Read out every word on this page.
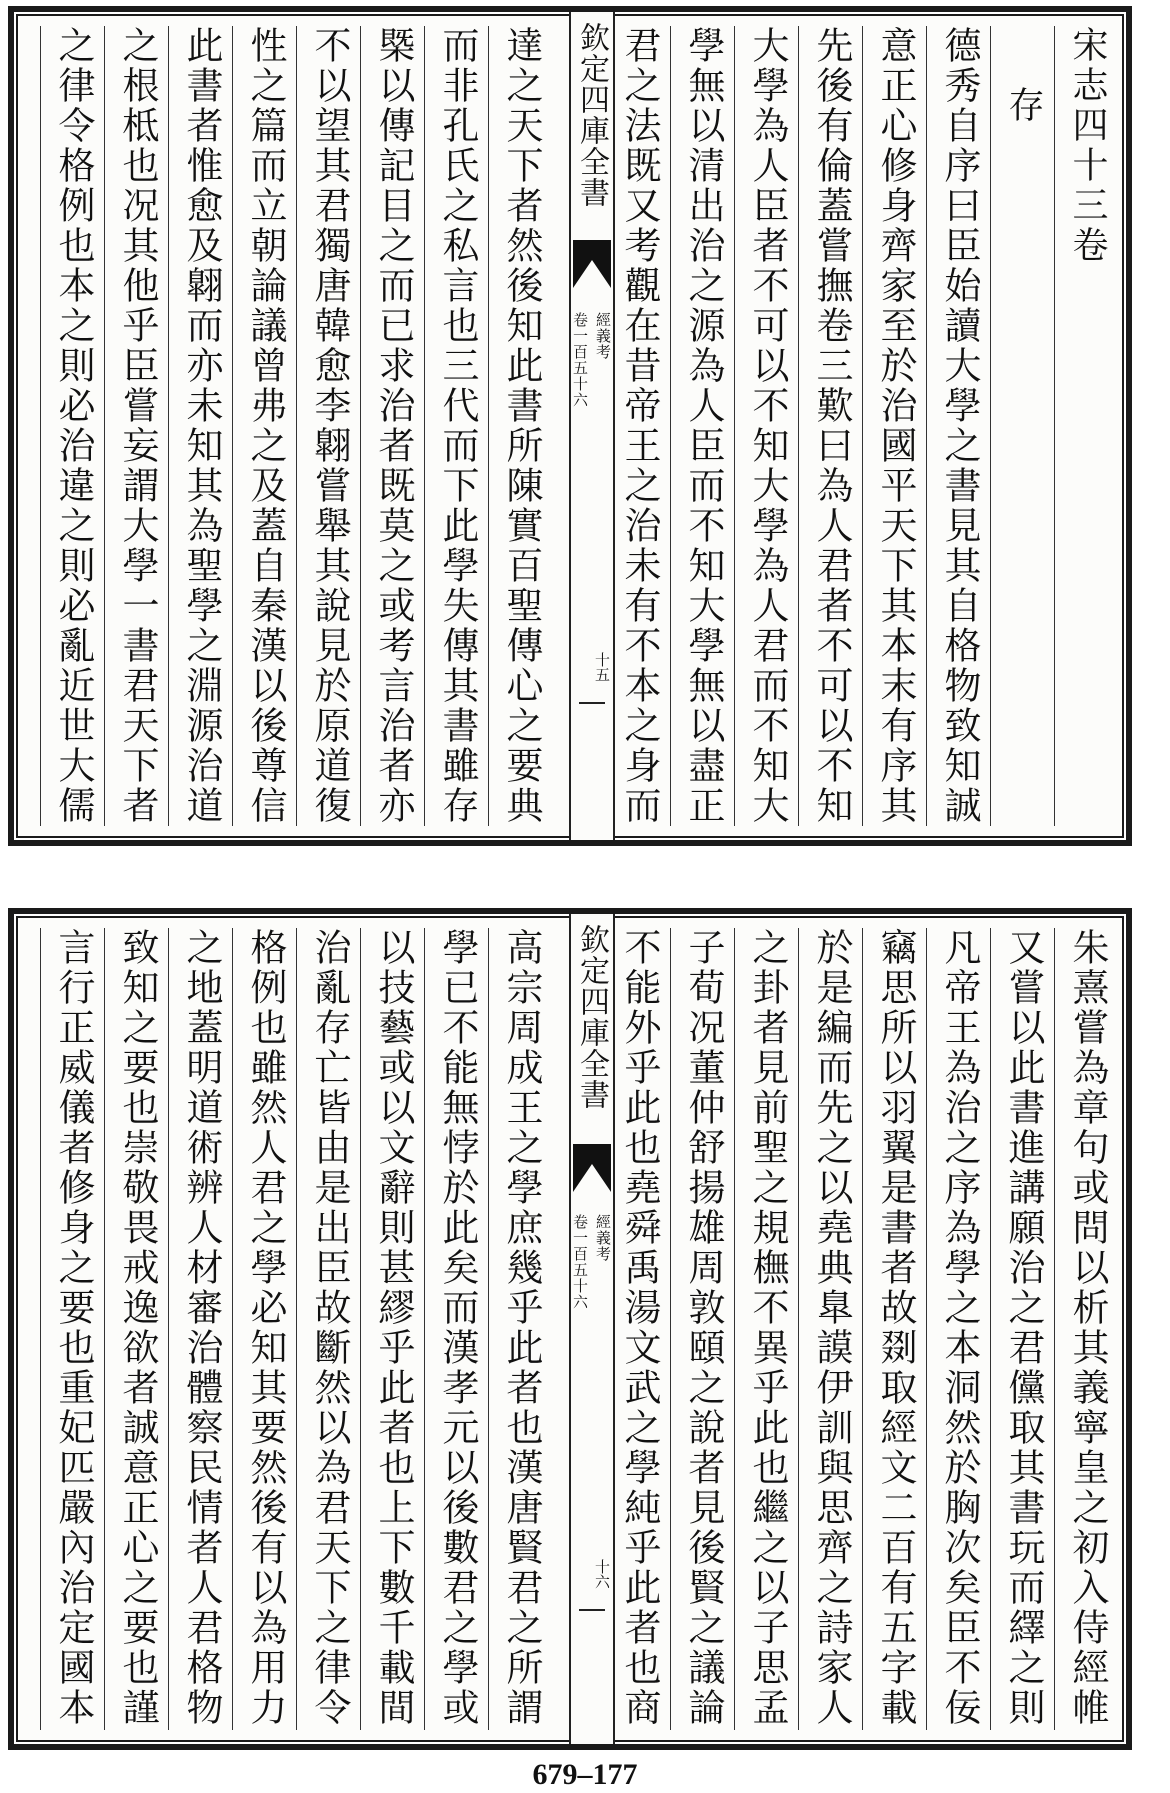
宋志四十三卷
存
德秀自序曰臣始讀大學之書見其自格物致知誠
意正心修身齊家至於治國平天下其本末有序其
先後有倫蓋嘗撫卷三歎曰為人君者不可以不知
大學為人臣者不可以不知大學為人君而不知大
學無以清出治之源為人臣而不知大學無以盡正
君之法既又考觀在昔帝王之治未有不本之身而
欽定四庫全書
經義考
卷一百五十六
十五
達之天下者然後知此書所陳實百聖傳心之要典
而非孔氏之私言也三代而下此學失傳其書雖存
槩以傳記目之而已求治者既莫之或考言治者亦
不以望其君獨唐韓愈李翺嘗舉其說見於原道復
性之篇而立朝論議曾弗之及蓋自秦漢以後尊信
此書者惟愈及翺而亦未知其為聖學之淵源治道
之根柢也况其他乎臣嘗妄謂大學一書君天下者
之律令格例也本之則必治違之則必亂近世大儒
朱熹嘗為章句或問以析其義寧皇之初入侍經帷
又嘗以此書進講願治之君儻取其書玩而繹之則
凡帝王為治之序為學之本洞然於胸次矣臣不佞
竊思所以羽翼是書者故剟取經文二百有五字載
於是編而先之以堯典臯謨伊訓與思齊之詩家人
之卦者見前聖之規橅不異乎此也繼之以子思孟
子荀况董仲舒揚雄周敦頤之說者見後賢之議論
不能外乎此也堯舜禹湯文武之學純乎此者也商
欽定四庫全書
經義考
卷一百五十六
十六
高宗周成王之學庶幾乎此者也漢唐賢君之所謂
學已不能無悖於此矣而漢孝元以後數君之學或
以技藝或以文辭則甚繆乎此者也上下數千載間
治亂存亡皆由是出臣故斷然以為君天下之律令
格例也雖然人君之學必知其要然後有以為用力
之地蓋明道術辨人材審治體察民情者人君格物
致知之要也崇敬畏戒逸欲者誠意正心之要也謹
言行正威儀者修身之要也重妃匹嚴內治定國本
679–177
